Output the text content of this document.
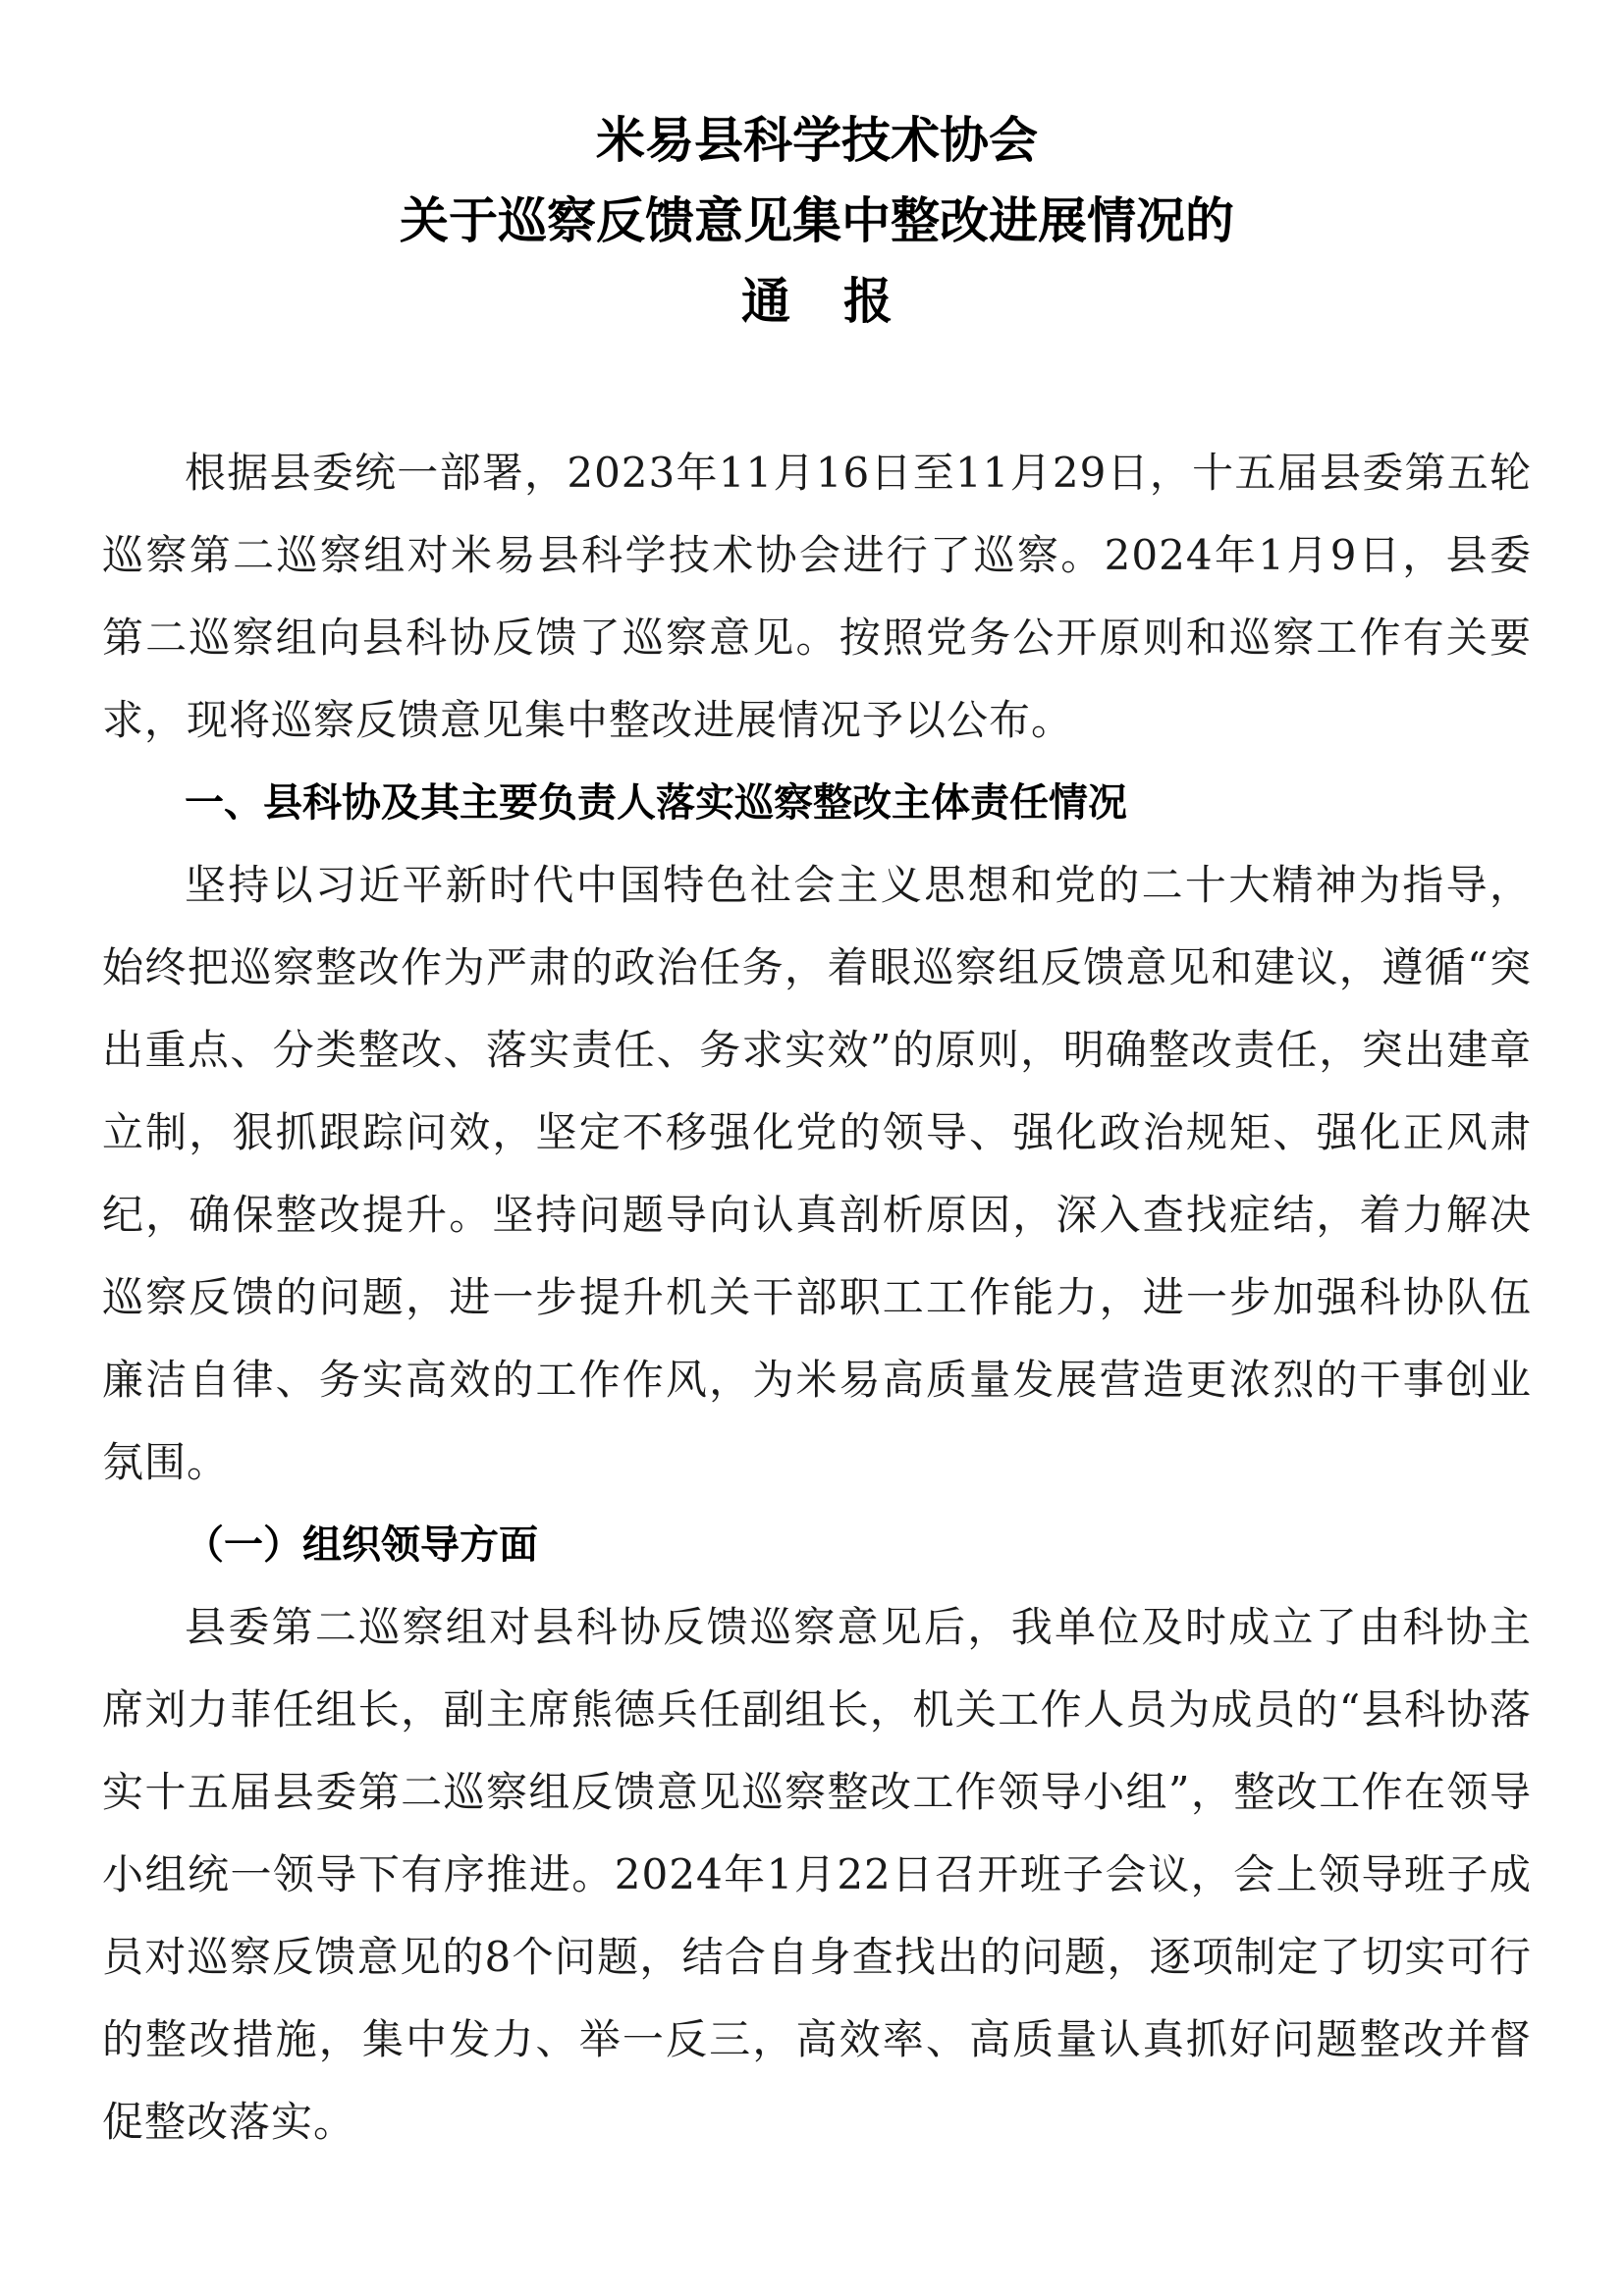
米易县科学技术协会
关于巡察反馈意见集中整改进展情况的
通报

根据县委统一部署，2023年11月16日至11月29日，十五届县委第五轮巡察第二巡察组对米易县科学技术协会进行了巡察。2024年1月9日，县委第二巡察组向县科协反馈了巡察意见。按照党务公开原则和巡察工作有关要求，现将巡察反馈意见集中整改进展情况予以公布。

一、县科协及其主要负责人落实巡察整改主体责任情况

坚持以习近平新时代中国特色社会主义思想和党的二十大精神为指导，始终把巡察整改作为严肃的政治任务，着眼巡察组反馈意见和建议，遵循“突出重点、分类整改、落实责任、务求实效”的原则，明确整改责任，突出建章立制，狠抓跟踪问效，坚定不移强化党的领导、强化政治规矩、强化正风肃纪，确保整改提升。坚持问题导向认真剖析原因，深入查找症结，着力解决巡察反馈的问题，进一步提升机关干部职工工作能力，进一步加强科协队伍廉洁自律、务实高效的工作作风，为米易高质量发展营造更浓烈的干事创业氛围。

（一）组织领导方面

县委第二巡察组对县科协反馈巡察意见后，我单位及时成立了由科协主席刘力菲任组长，副主席熊德兵任副组长，机关工作人员为成员的“县科协落实十五届县委第二巡察组反馈意见巡察整改工作领导小组”，整改工作在领导小组统一领导下有序推进。2024年1月22日召开班子会议，会上领导班子成员对巡察反馈意见的8个问题，结合自身查找出的问题，逐项制定了切实可行的整改措施，集中发力、举一反三，高效率、高质量认真抓好问题整改并督促整改落实。
